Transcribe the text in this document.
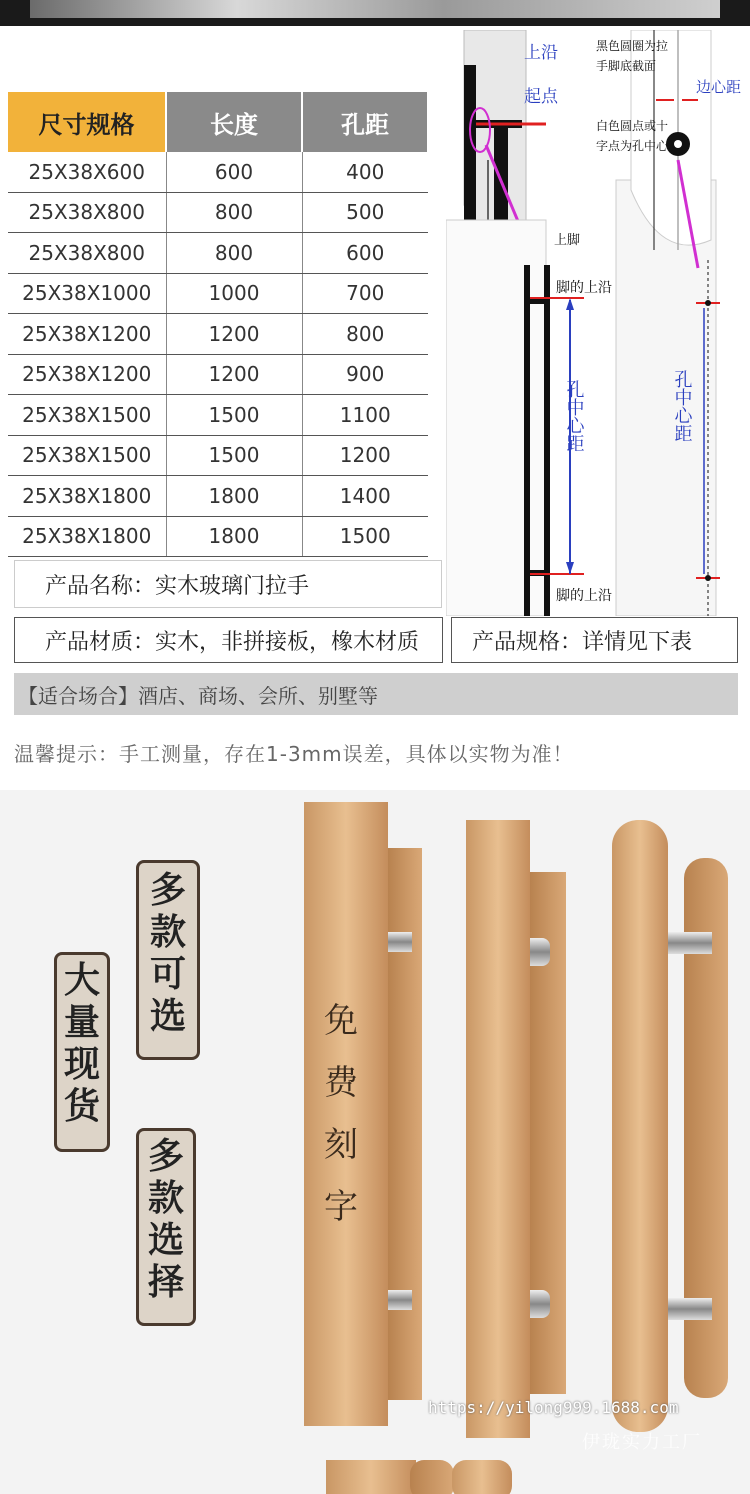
尺寸规格	长度	孔距
25X38X600	600	400
25X38X800	800	500
25X38X800	800	600
25X38X1000	1000	700
25X38X1200	1200	800
25X38X1200	1200	900
25X38X1500	1500	1100
25X38X1500	1500	1200
25X38X1800	1800	1400
25X38X1800	1800	1500
上沿
起点
上脚
脚的上沿
脚的上沿
孔中心距
黑色圆圈为拉
手脚底截面
边心距
白色圆点或十
字点为孔中心
孔中心距
产品名称：实木玻璃门拉手
产品材质：实木，非拼接板，橡木材质 产品规格：详情见下表
【适合场合】酒店、商场、会所、别墅等
温馨提示：手工测量，存在1-3mm误差，具体以实物为准！
多
款
可
选
大
量
现
货
多
款
选
择
免
费
刻
字
https://yilong999.1688.com
伊珑实力工厂
